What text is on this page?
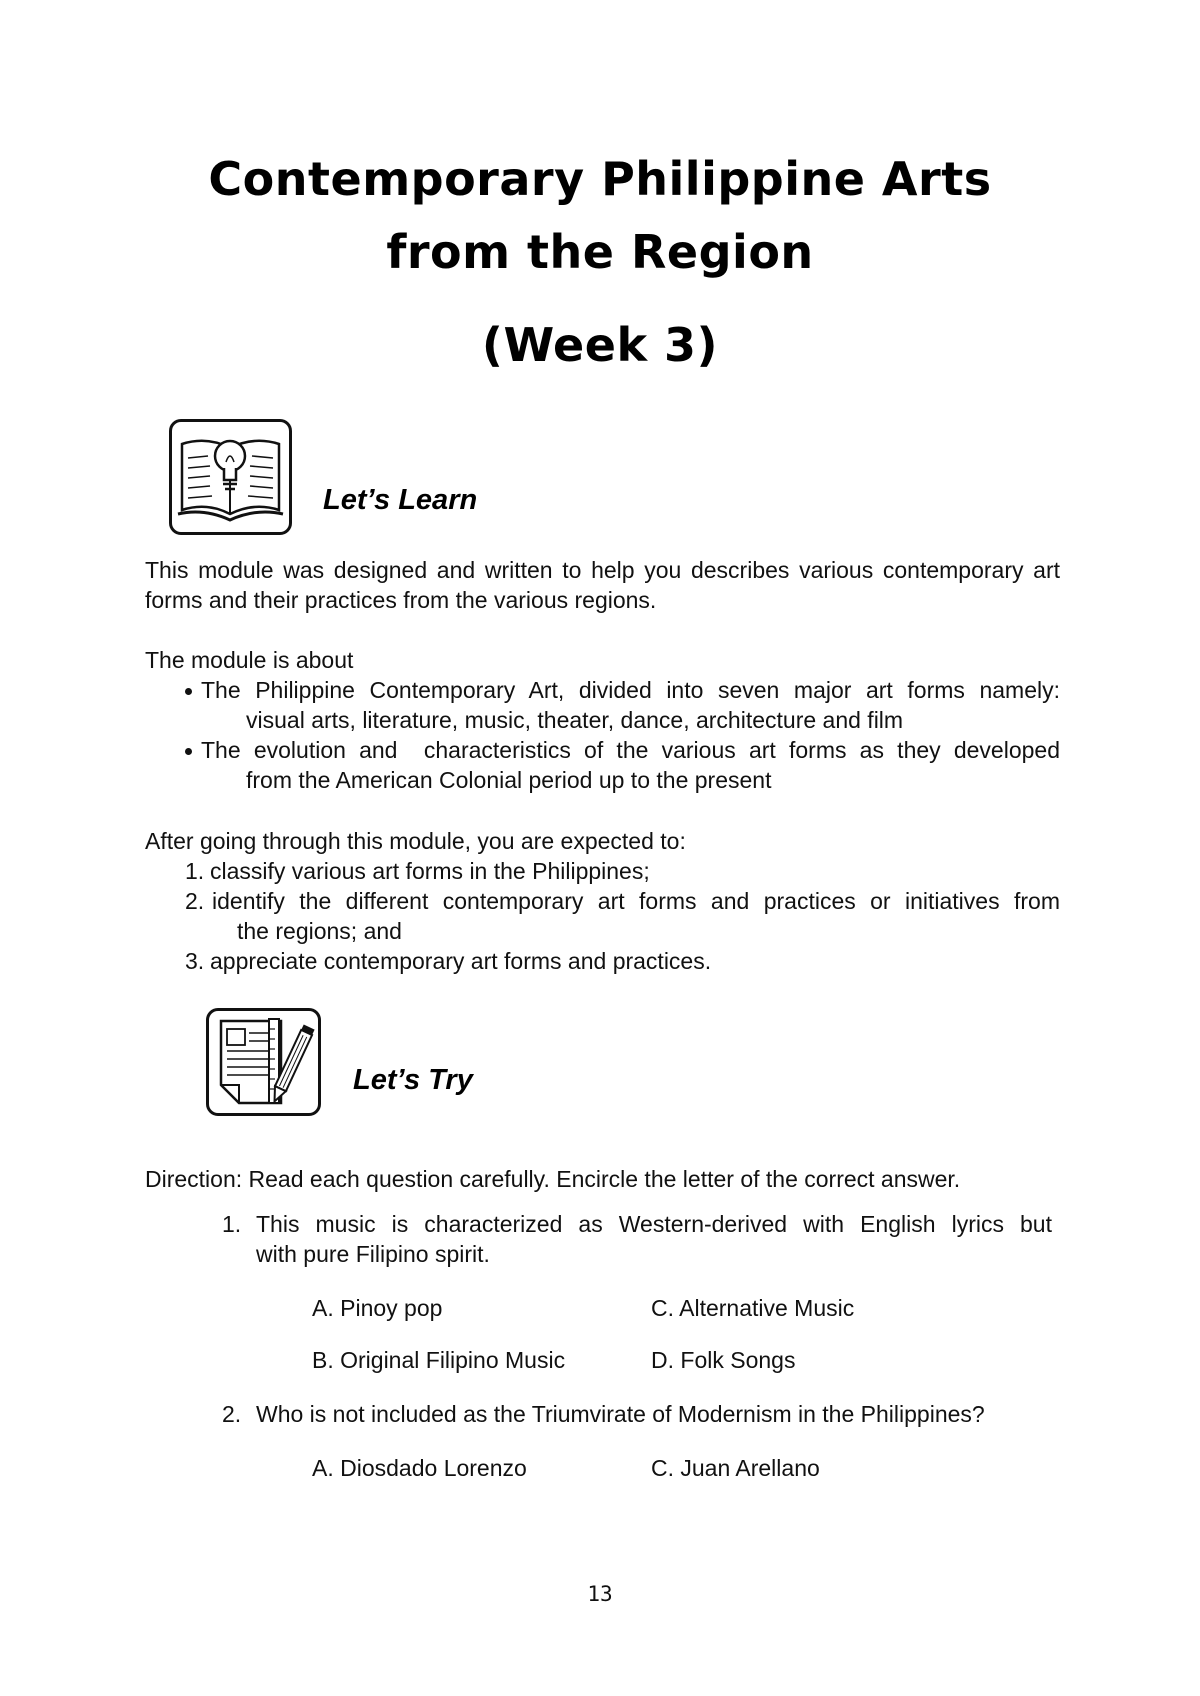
Contemporary Philippine Arts
from the Region
(Week 3)
Let’s Learn
This module was designed and written to help you describes various contemporary art forms and their practices from the various regions.
The module is about
The Philippine Contemporary Art, divided into seven major art forms namely:
visual arts, literature, music, theater, dance, architecture and film
The evolution and  characteristics of the various art forms as they developed
from the American Colonial period up to the present
After going through this module, you are expected to:
1. classify various art forms in the Philippines;
2. identify the different contemporary art forms and practices or initiatives from
the regions; and
3. appreciate contemporary art forms and practices.
Let’s Try
Direction: Read each question carefully. Encircle the letter of the correct answer.
1. This music is characterized as Western-derived with English lyrics but
with pure Filipino spirit.
A. Pinoy pop	C. Alternative Music
B. Original Filipino Music	D. Folk Songs
2. Who is not included as the Triumvirate of Modernism in the Philippines?
A. Diosdado Lorenzo	C. Juan Arellano
13
